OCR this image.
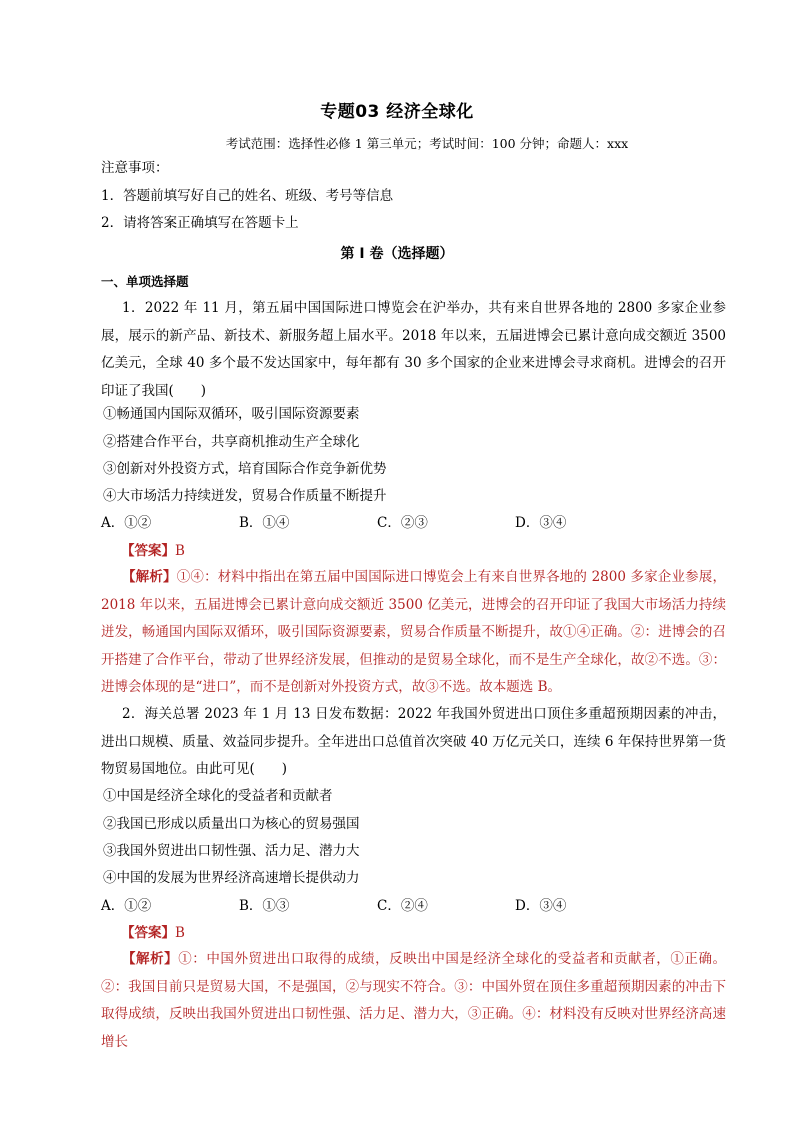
专题03 经济全球化
考试范围：选择性必修 1 第三单元；考试时间：100 分钟；命题人：xxx
注意事项：
1．答题前填写好自己的姓名、班级、考号等信息
2．请将答案正确填写在答题卡上
第 I 卷（选择题）
一、单项选择题
1．2022 年 11 月，第五届中国国际进口博览会在沪举办，共有来自世界各地的 2800 多家企业参展，展示的新产品、新技术、新服务超上届水平。2018 年以来，五届进博会已累计意向成交额近 3500 亿美元，全球 40 多个最不发达国家中，每年都有 30 多个国家的企业来进博会寻求商机。进博会的召开印证了我国(　　)
①畅通国内国际双循环，吸引国际资源要素
②搭建合作平台，共享商机推动生产全球化
③创新对外投资方式，培育国际合作竞争新优势
④大市场活力持续迸发，贸易合作质量不断提升
A．①②	B．①④	C．②③	D．③④
【答案】B
【解析】①④：材料中指出在第五届中国国际进口博览会上有来自世界各地的 2800 多家企业参展，2018 年以来，五届进博会已累计意向成交额近 3500 亿美元，进博会的召开印证了我国大市场活力持续迸发，畅通国内国际双循环，吸引国际资源要素，贸易合作质量不断提升，故①④正确。②：进博会的召开搭建了合作平台，带动了世界经济发展，但推动的是贸易全球化，而不是生产全球化，故②不选。③：进博会体现的是“进口”，而不是创新对外投资方式，故③不选。故本题选 B。
2．海关总署 2023 年 1 月 13 日发布数据：2022 年我国外贸进出口顶住多重超预期因素的冲击，进出口规模、质量、效益同步提升。全年进出口总值首次突破 40 万亿元关口，连续 6 年保持世界第一货物贸易国地位。由此可见(　　)
①中国是经济全球化的受益者和贡献者
②我国已形成以质量出口为核心的贸易强国
③我国外贸进出口韧性强、活力足、潜力大
④中国的发展为世界经济高速增长提供动力
A．①②	B．①③	C．②④	D．③④
【答案】B
【解析】①：中国外贸进出口取得的成绩，反映出中国是经济全球化的受益者和贡献者，①正确。②：我国目前只是贸易大国，不是强国，②与现实不符合。③：中国外贸在顶住多重超预期因素的冲击下取得成绩，反映出我国外贸进出口韧性强、活力足、潜力大，③正确。④：材料没有反映对世界经济高速增长
